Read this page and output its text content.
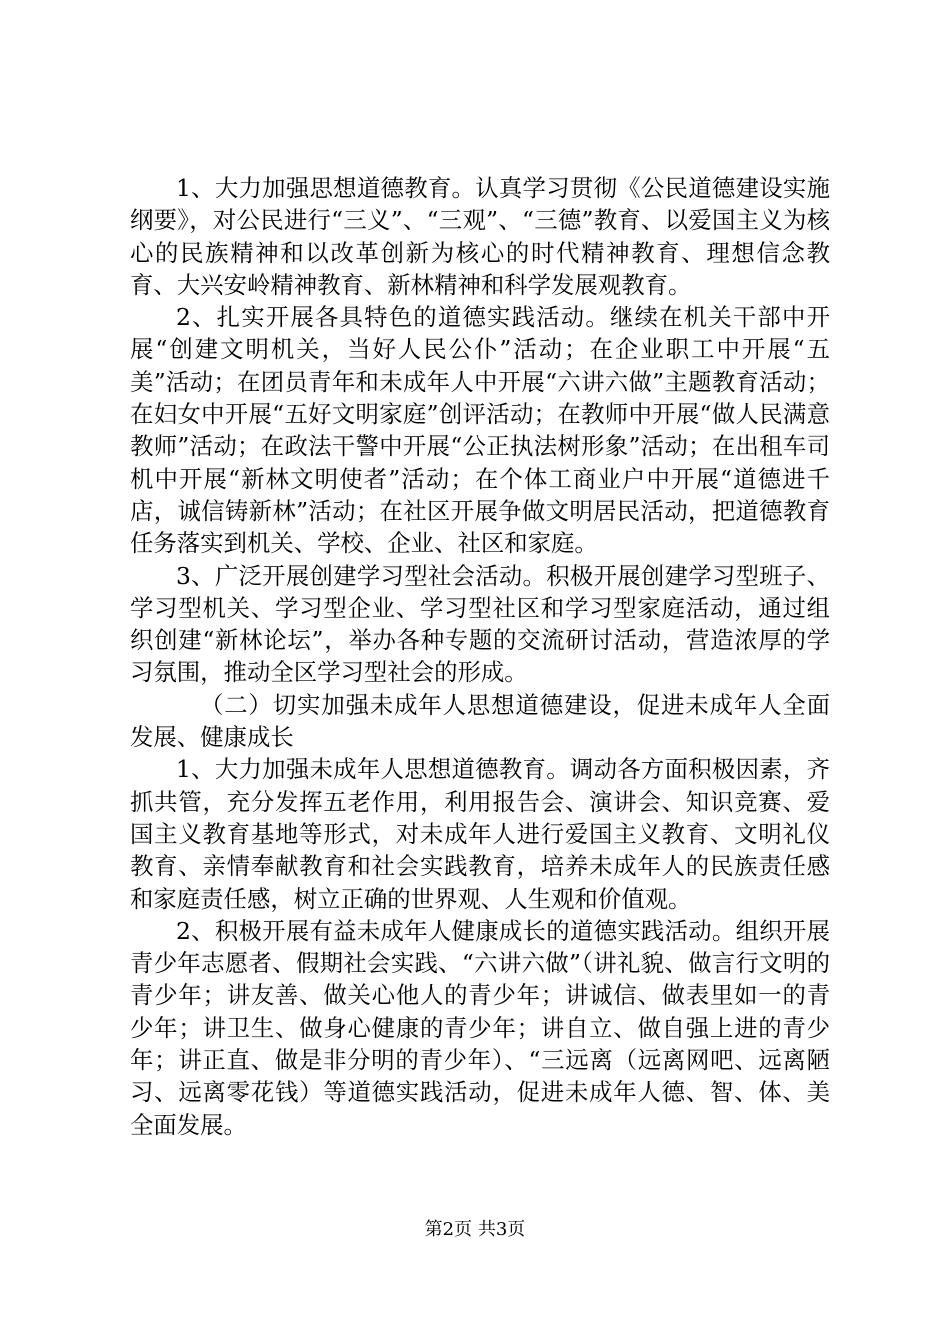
1、大力加强思想道德教育。认真学习贯彻《公民道德建设实施纲要》，对公民进行“三义”、“三观”、“三德”教育、以爱国主义为核心的民族精神和以改革创新为核心的时代精神教育、理想信念教育、大兴安岭精神教育、新林精神和科学发展观教育。

2、扎实开展各具特色的道德实践活动。继续在机关干部中开展“创建文明机关，当好人民公仆”活动；在企业职工中开展“五美”活动；在团员青年和未成年人中开展“六讲六做”主题教育活动；在妇女中开展“五好文明家庭”创评活动；在教师中开展“做人民满意教师”活动；在政法干警中开展“公正执法树形象”活动；在出租车司机中开展“新林文明使者”活动；在个体工商业户中开展“道德进千店，诚信铸新林”活动；在社区开展争做文明居民活动，把道德教育任务落实到机关、学校、企业、社区和家庭。

3、广泛开展创建学习型社会活动。积极开展创建学习型班子、学习型机关、学习型企业、学习型社区和学习型家庭活动，通过组织创建“新林论坛”，举办各种专题的交流研讨活动，营造浓厚的学习氛围，推动全区学习型社会的形成。

（二）切实加强未成年人思想道德建设，促进未成年人全面发展、健康成长

1、大力加强未成年人思想道德教育。调动各方面积极因素，齐抓共管，充分发挥五老作用，利用报告会、演讲会、知识竞赛、爱国主义教育基地等形式，对未成年人进行爱国主义教育、文明礼仪教育、亲情奉献教育和社会实践教育，培养未成年人的民族责任感和家庭责任感，树立正确的世界观、人生观和价值观。

2、积极开展有益未成年人健康成长的道德实践活动。组织开展青少年志愿者、假期社会实践、“六讲六做”（讲礼貌、做言行文明的青少年；讲友善、做关心他人的青少年；讲诚信、做表里如一的青少年；讲卫生、做身心健康的青少年；讲自立、做自强上进的青少年；讲正直、做是非分明的青少年）、“三远离（远离网吧、远离陋习、远离零花钱）等道德实践活动，促进未成年人德、智、体、美全面发展。

第2页 共3页
